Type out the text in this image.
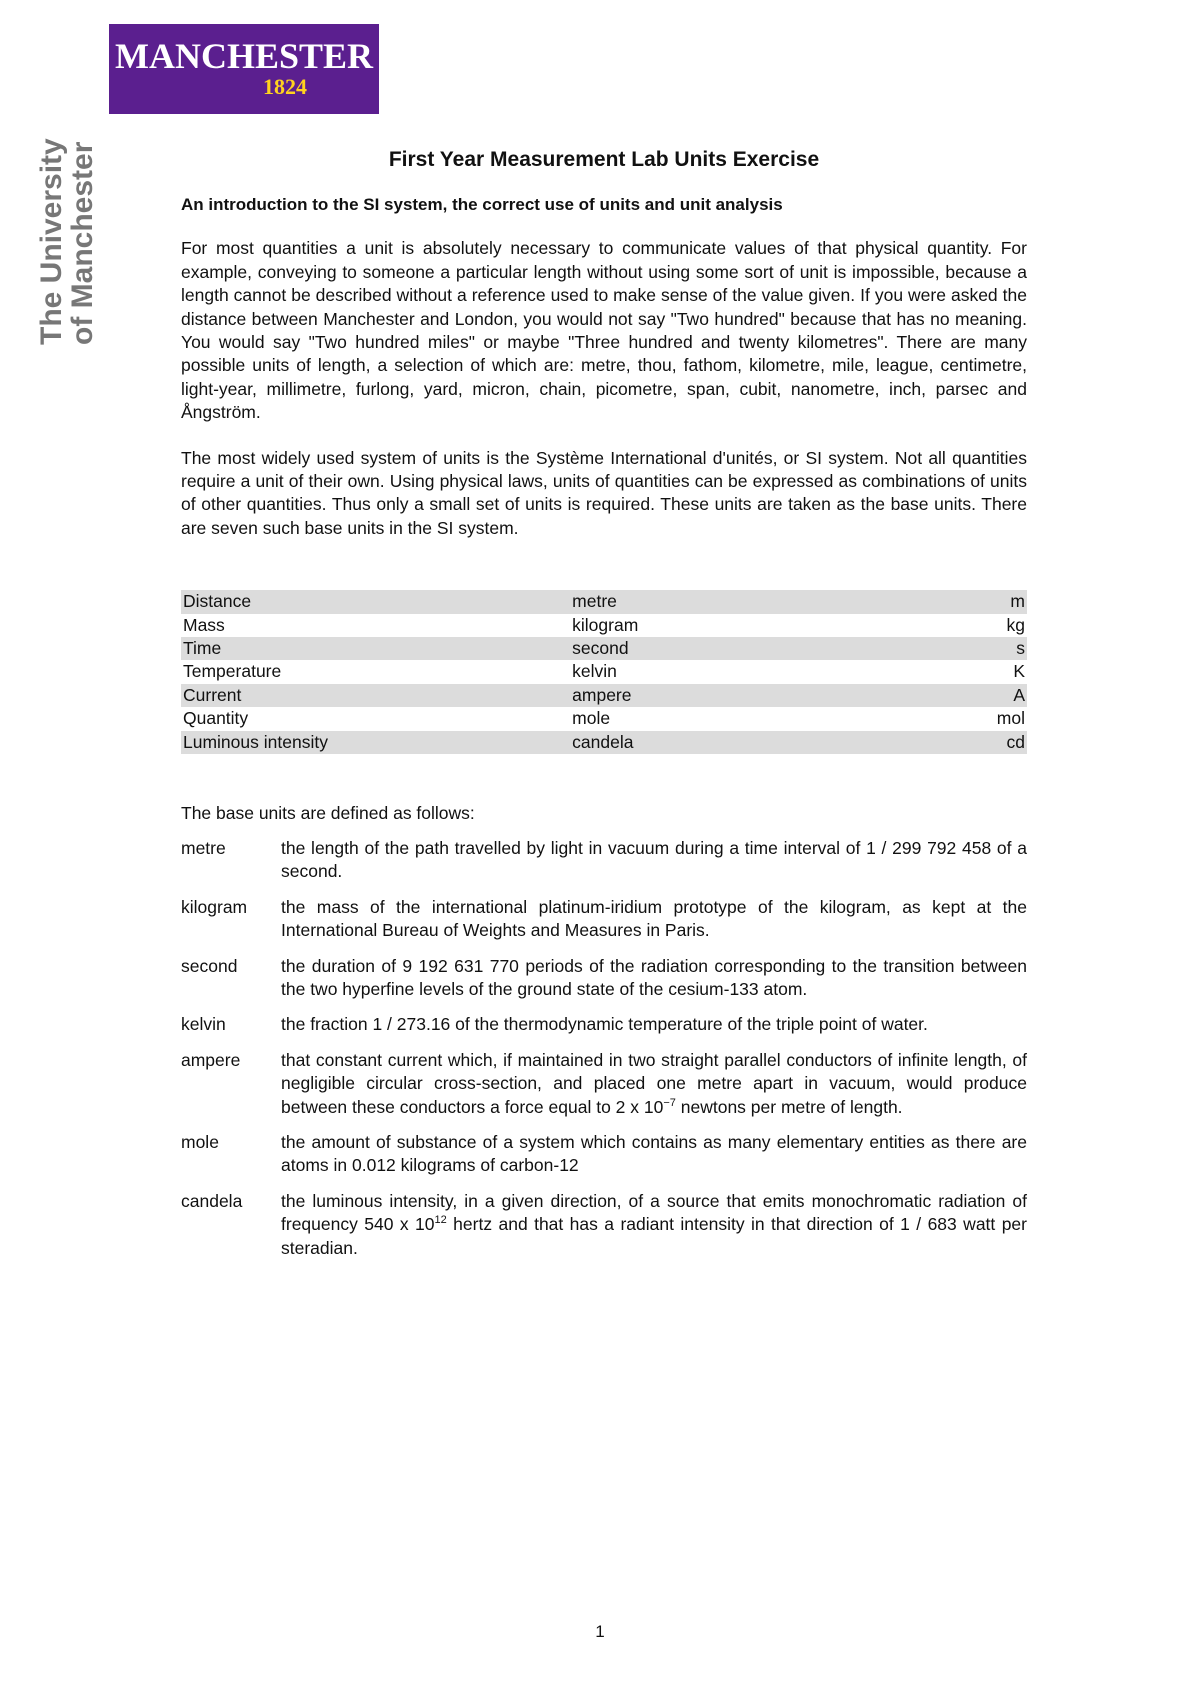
MANCHESTER
1824
The University
of Manchester	First Year Measurement Lab Units Exercise
An introduction to the SI system, the correct use of units and unit analysis

For most quantities a unit is absolutely necessary to communicate values of that physical quantity. For example, conveying to someone a particular length without using some sort of unit is impossible, because a length cannot be described without a reference used to make sense of the value given. If you were asked the distance between Manchester and London, you would not say "Two hundred" because that has no meaning. You would say "Two hundred miles" or maybe "Three hundred and twenty kilometres". There are many possible units of length, a selection of which are: metre, thou, fathom, kilometre, mile, league, centimetre, light-year, millimetre, furlong, yard, micron, chain, picometre, span, cubit, nanometre, inch, parsec and Ångström.

The most widely used system of units is the Système International d'unités, or SI system. Not all quantities require a unit of their own. Using physical laws, units of quantities can be expressed as combinations of units of other quantities. Thus only a small set of units is required. These units are taken as the base units. There are seven such base units in the SI system.

Distance	metre	m
Mass	kilogram	kg
Time	second	s
Temperature	kelvin	K
Current	ampere	A
Quantity	mole	mol
Luminous intensity	candela	cd
The base units are defined as follows:
metre	the length of the path travelled by light in vacuum during a time interval of 1 / 299 792 458 of a second.
kilogram	the mass of the international platinum-iridium prototype of the kilogram, as kept at the International Bureau of Weights and Measures in Paris.
second	the duration of 9 192 631 770 periods of the radiation corresponding to the transition between the two hyperfine levels of the ground state of the cesium-133 atom.
kelvin	the fraction 1 / 273.16 of the thermodynamic temperature of the triple point of water.
ampere	that constant current which, if maintained in two straight parallel conductors of infinite length, of negligible circular cross-section, and placed one metre apart in vacuum, would produce between these conductors a force equal to 2 x $10^{-7}$ newtons per metre of length.
mole	the amount of substance of a system which contains as many elementary entities as there are atoms in 0.012 kilograms of carbon-12
candela	the luminous intensity, in a given direction, of a source that emits monochromatic radiation of frequency 540 x $10^{12}$ hertz and that has a radiant intensity in that direction of 1 / 683 watt per steradian.
1
